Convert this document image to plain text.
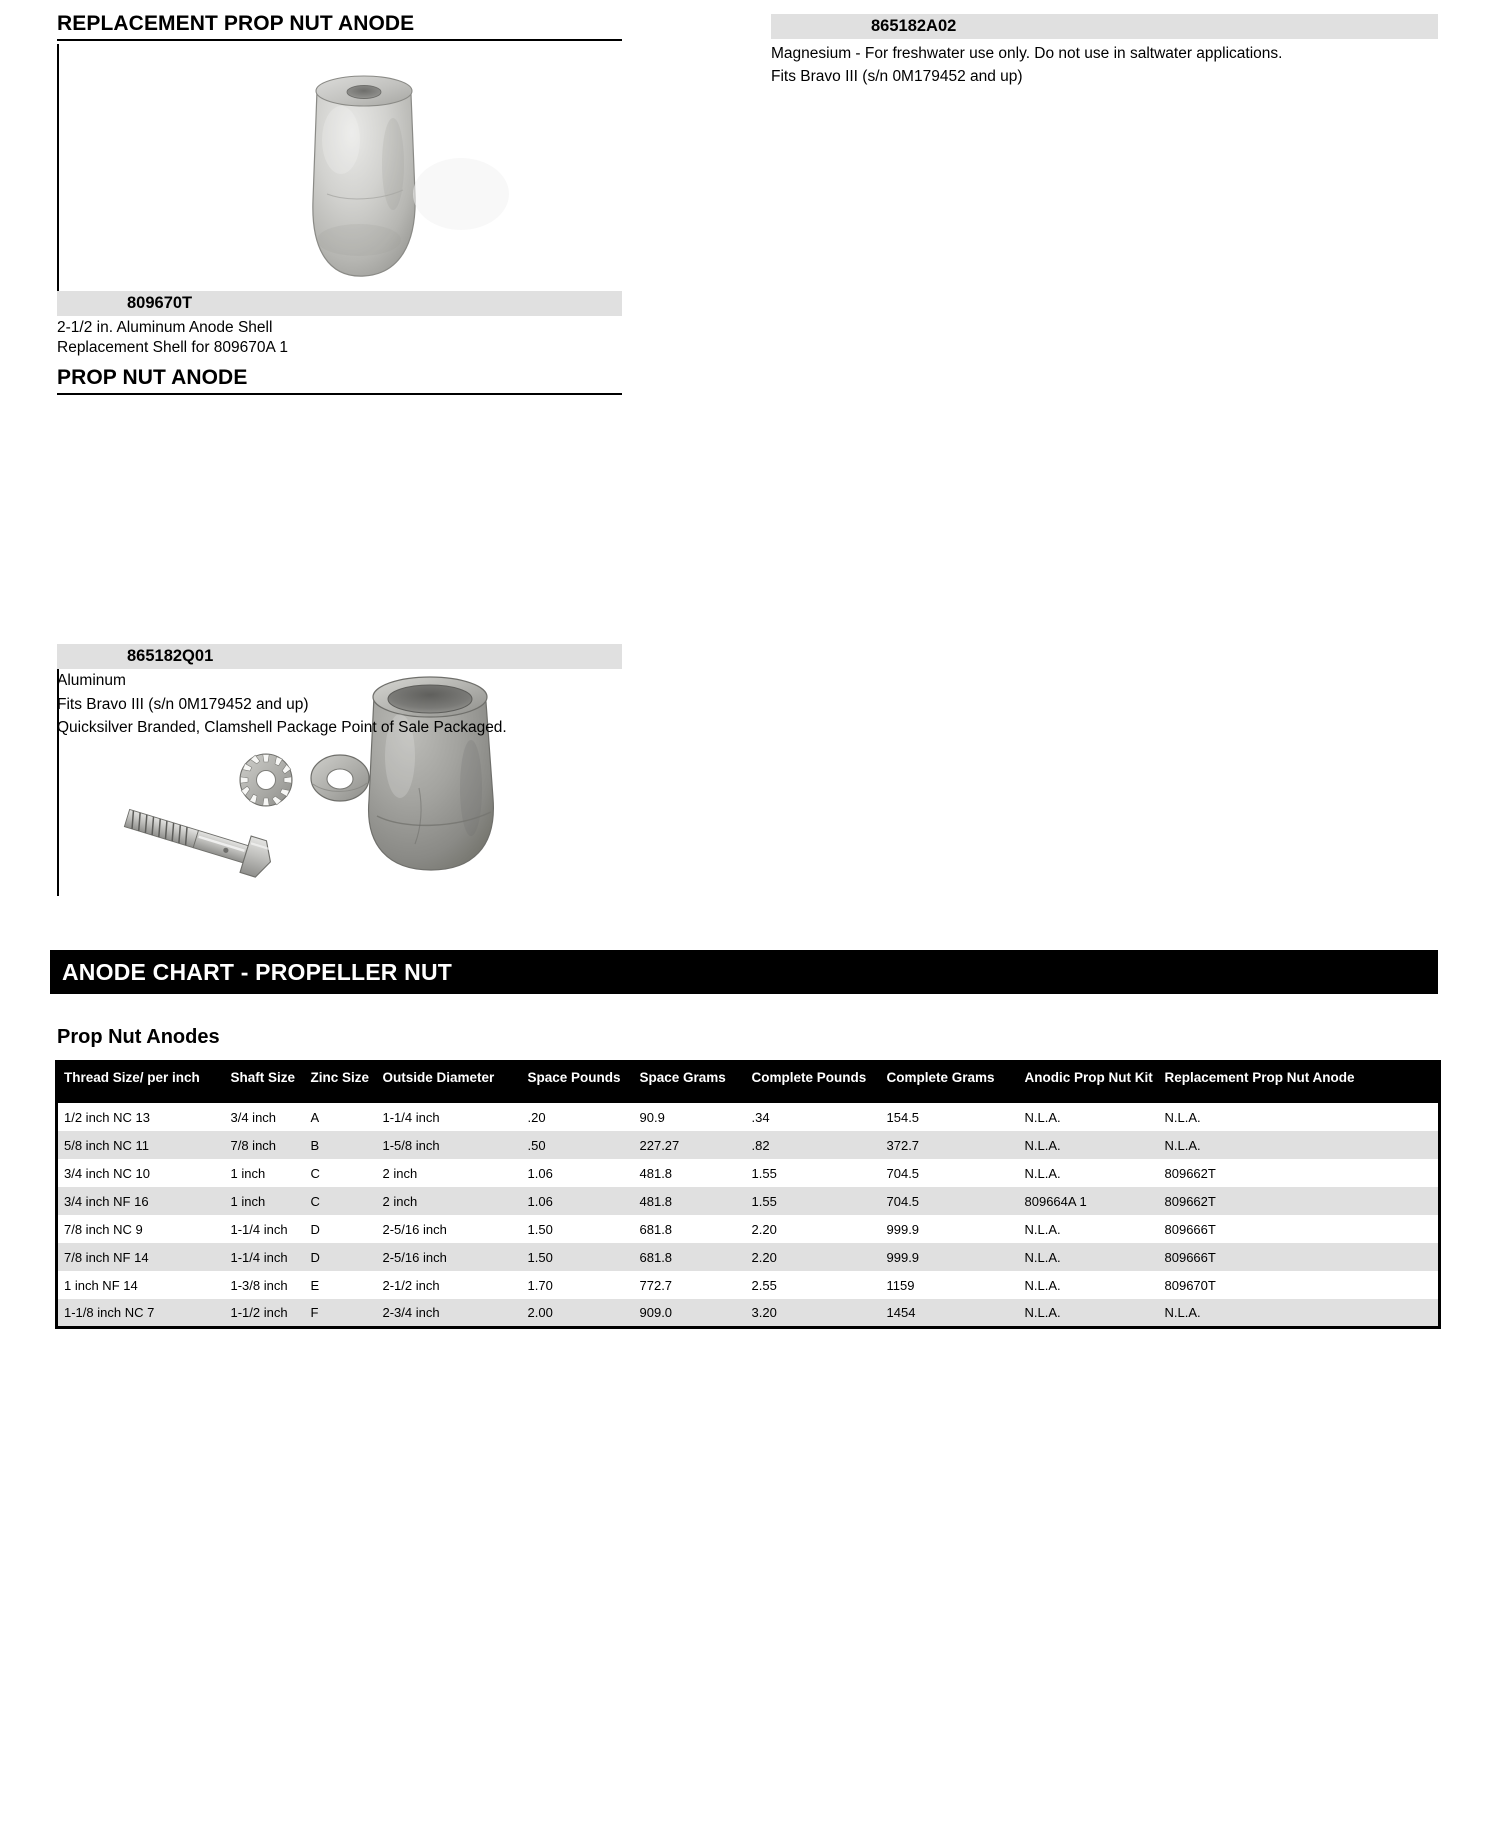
REPLACEMENT PROP NUT ANODE
809670T
2-1/2 in. Aluminum Anode Shell
Replacement Shell for 809670A 1
PROP NUT ANODE
865182Q01
Aluminum
Fits Bravo III (s/n 0M179452 and up)
Quicksilver Branded, Clamshell Package Point of Sale Packaged.
865182A02
Magnesium - For freshwater use only. Do not use in saltwater applications.
Fits Bravo III (s/n 0M179452 and up)
ANODE CHART - PROPELLER NUT
Prop Nut Anodes
Thread Size/ per inch	Shaft Size	Zinc Size	Outside Diameter	Space Pounds	Space Grams	Complete Pounds	Complete Grams	Anodic Prop Nut Kit	Replacement Prop Nut Anode
1/2 inch NC 13	3/4 inch	A	1-1/4 inch	.20	90.9	.34	154.5	N.L.A.	N.L.A.
5/8 inch NC 11	7/8 inch	B	1-5/8 inch	.50	227.27	.82	372.7	N.L.A.	N.L.A.
3/4 inch NC 10	1 inch	C	2 inch	1.06	481.8	1.55	704.5	N.L.A.	809662T
3/4 inch NF 16	1 inch	C	2 inch	1.06	481.8	1.55	704.5	809664A 1	809662T
7/8 inch NC 9	1-1/4 inch	D	2-5/16 inch	1.50	681.8	2.20	999.9	N.L.A.	809666T
7/8 inch NF 14	1-1/4 inch	D	2-5/16 inch	1.50	681.8	2.20	999.9	N.L.A.	809666T
1 inch NF 14	1-3/8 inch	E	2-1/2 inch	1.70	772.7	2.55	1159	N.L.A.	809670T
1-1/8 inch NC 7	1-1/2 inch	F	2-3/4 inch	2.00	909.0	3.20	1454	N.L.A.	N.L.A.
